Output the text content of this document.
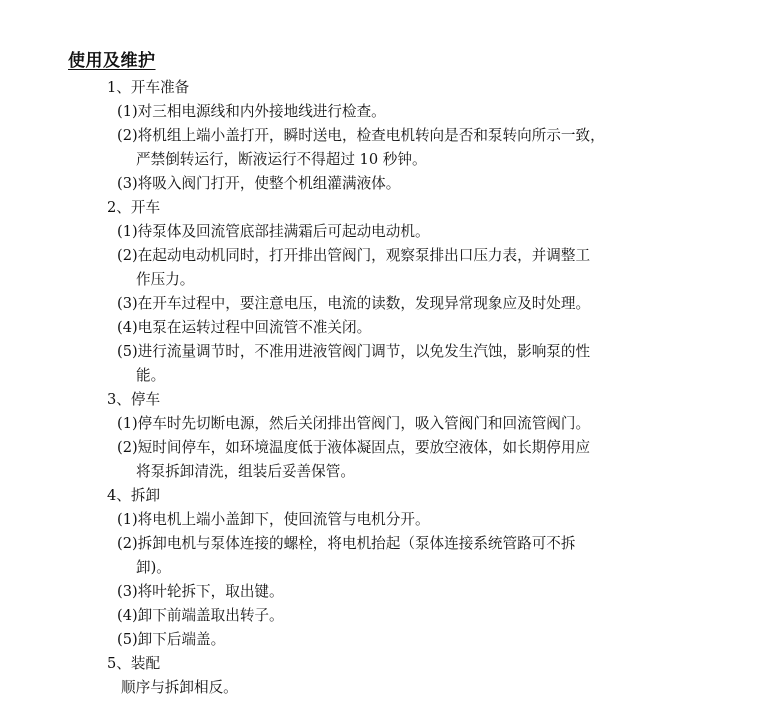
使用及维护
1、开车准备
(1)对三相电源线和内外接地线进行检查。
(2)将机组上端小盖打开，瞬时送电，检查电机转向是否和泵转向所示一致，
严禁倒转运行，断液运行不得超过 10 秒钟。
(3)将吸入阀门打开，使整个机组灌满液体。
2、开车
(1)待泵体及回流管底部挂满霜后可起动电动机。
(2)在起动电动机同时，打开排出管阀门，观察泵排出口压力表，并调整工
作压力。
(3)在开车过程中，要注意电压，电流的读数，发现异常现象应及时处理。
(4)电泵在运转过程中回流管不准关闭。
(5)进行流量调节时，不准用进液管阀门调节，以免发生汽蚀，影响泵的性
能。
3、停车
(1)停车时先切断电源，然后关闭排出管阀门，吸入管阀门和回流管阀门。
(2)短时间停车，如环境温度低于液体凝固点，要放空液体，如长期停用应
将泵拆卸清洗，组装后妥善保管。
4、拆卸
(1)将电机上端小盖卸下，使回流管与电机分开。
(2)拆卸电机与泵体连接的螺栓，将电机抬起（泵体连接系统管路可不拆
卸)。
(3)将叶轮拆下，取出键。
(4)卸下前端盖取出转子。
(5)卸下后端盖。
5、装配
顺序与拆卸相反。
